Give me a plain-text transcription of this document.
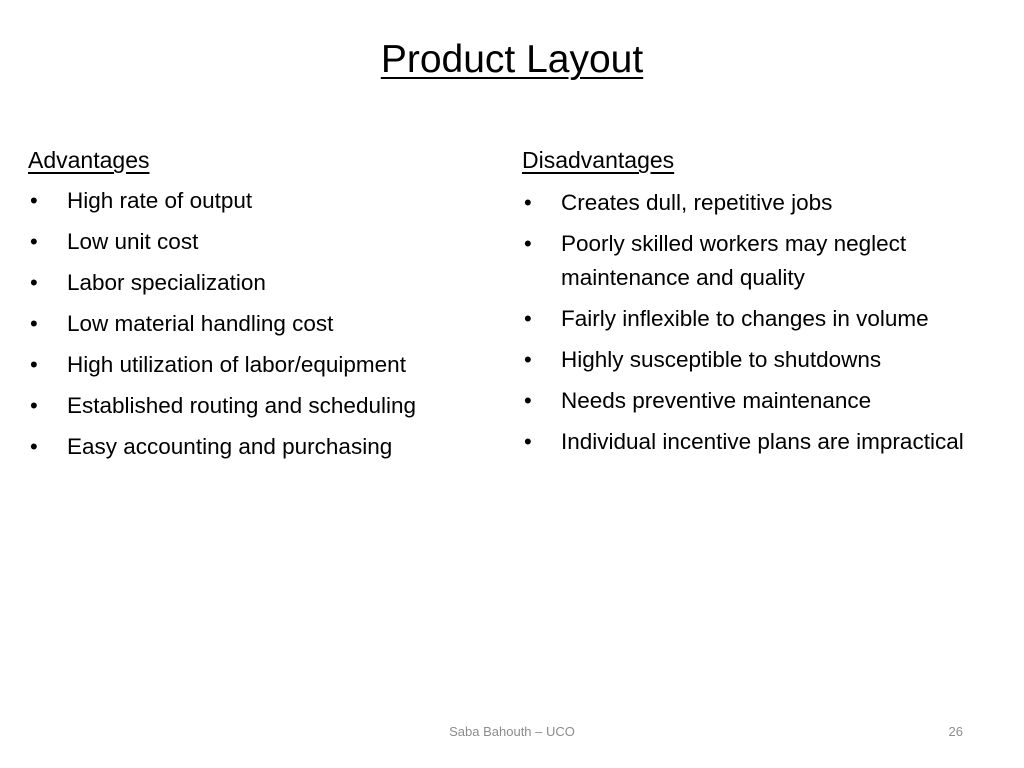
Product Layout
Advantages
• High rate of output
• Low unit cost
• Labor specialization
• Low material handling cost
• High utilization of labor/equipment
• Established routing and scheduling
• Easy accounting and purchasing
Disadvantages
• Creates dull, repetitive jobs
• Poorly skilled workers may neglect maintenance and quality
• Fairly inflexible to changes in volume
• Highly susceptible to shutdowns
• Needs preventive maintenance
• Individual incentive plans are impractical
Saba Bahouth – UCO	26
